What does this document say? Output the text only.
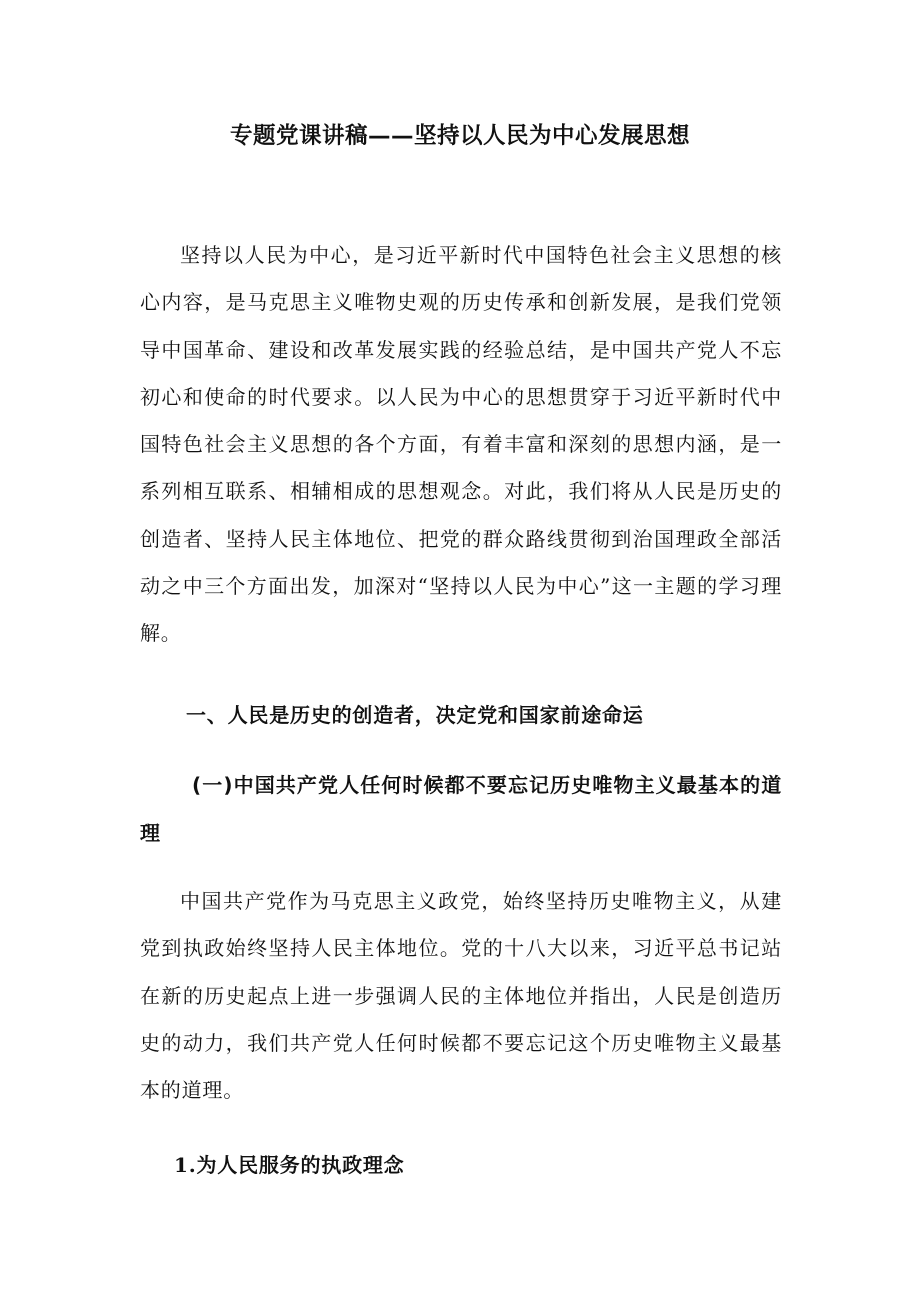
专题党课讲稿——坚持以人民为中心发展思想

坚持以人民为中心，是习近平新时代中国特色社会主义思想的核心内容，是马克思主义唯物史观的历史传承和创新发展，是我们党领导中国革命、建设和改革发展实践的经验总结，是中国共产党人不忘初心和使命的时代要求。以人民为中心的思想贯穿于习近平新时代中国特色社会主义思想的各个方面，有着丰富和深刻的思想内涵，是一系列相互联系、相辅相成的思想观念。对此，我们将从人民是历史的创造者、坚持人民主体地位、把党的群众路线贯彻到治国理政全部活动之中三个方面出发，加深对“坚持以人民为中心”这一主题的学习理解。

一、人民是历史的创造者，决定党和国家前途命运
(一)中国共产党人任何时候都不要忘记历史唯物主义最基本的道理

中国共产党作为马克思主义政党，始终坚持历史唯物主义，从建党到执政始终坚持人民主体地位。党的十八大以来，习近平总书记站在新的历史起点上进一步强调人民的主体地位并指出，人民是创造历史的动力，我们共产党人任何时候都不要忘记这个历史唯物主义最基本的道理。

1.为人民服务的执政理念
